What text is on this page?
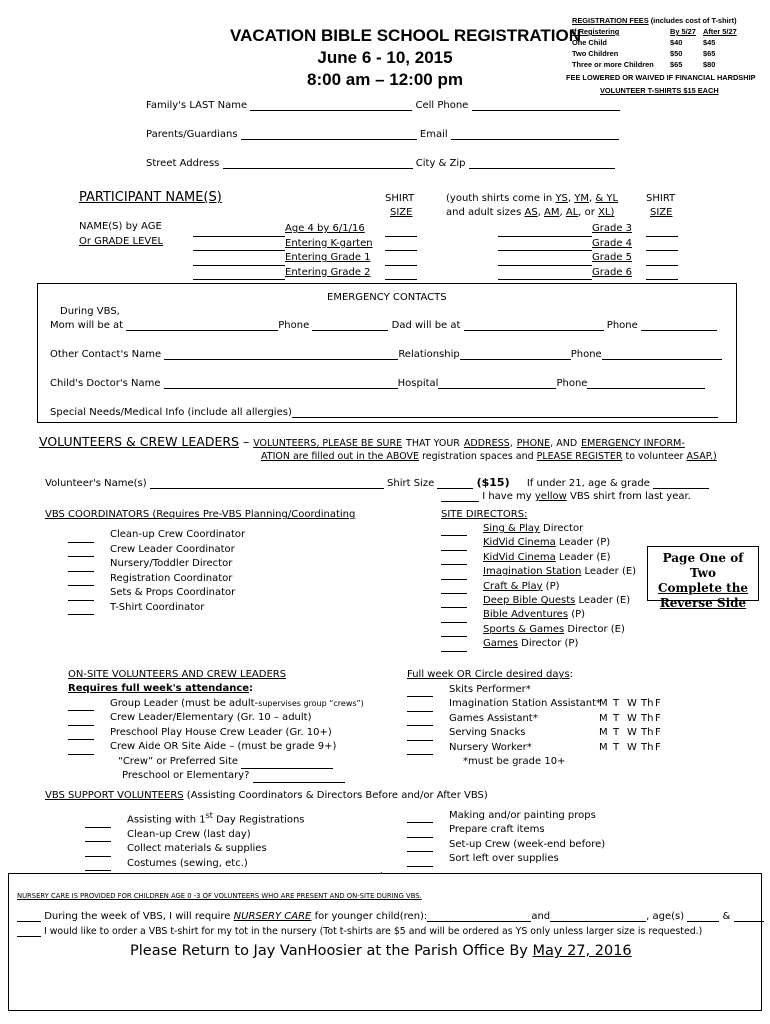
VACATION BIBLE SCHOOL REGISTRATION
June 6 - 10, 2015
8:00 am – 12:00 pm
REGISTRATION FEES (includes cost of T-shirt)
If Registering	By 5/27 After 5/27
One Child	$40	$45
Two Children	$50	$65
Three or more Children $65	$80
FEE LOWERED OR WAIVED IF FINANCIAL HARDSHIP
VOLUNTEER T-SHIRTS $15 EACH
Family's LAST Name	Cell Phone
Parents/Guardians	Email
Street Address	City & Zip
PARTICIPANT NAME(S)
NAME(S) by AGE
Or GRADE LEVEL
SHIRT
SIZE
(youth shirts come in YS, YM, & YL
and adult sizes AS, AM, AL, or XL)
SHIRT
SIZE
Age 4 by 6/1/16
Entering K-garten
Entering Grade 1
Entering Grade 2
Grade 3
Grade 4
Grade 5
Grade 6
EMERGENCY CONTACTS
During VBS,
Mom will be at	Phone	Dad will be at	Phone
Other Contact's Name	Relationship	Phone
Child's Doctor's Name	Hospital	Phone
Special Needs/Medical Info (include all allergies)
VOLUNTEERS & CREW LEADERS – VOLUNTEERS, PLEASE BE SURE THAT YOUR ADDRESS, PHONE, AND EMERGENCY INFORM-
ATION are filled out in the ABOVE registration spaces and PLEASE REGISTER to volunteer ASAP.)
Volunteer's Name(s)	Shirt Size	($15) If under 21, age & grade
I have my yellow VBS shirt from last year.
VBS COORDINATORS (Requires Pre-VBS Planning/Coordinating
Clean-up Crew Coordinator
Crew Leader Coordinator
Nursery/Toddler Director
Registration Coordinator
Sets & Props Coordinator
T-Shirt Coordinator
SITE DIRECTORS:
Sing & Play Director
KidVid Cinema Leader (P)
KidVid Cinema Leader (E)
Imagination Station Leader (E)
Craft & Play (P)
Deep Bible Quests Leader (E)
Bible Adventures (P)
Sports & Games Director (E)
Games Director (P)
Page One of Two
Complete the
Reverse Side
ON-SITE VOLUNTEERS AND CREW LEADERS
Requires full week's attendance:
Group Leader (must be adult-supervises group “crews”)
Crew Leader/Elementary (Gr. 10 – adult)
Preschool Play House Crew Leader (Gr. 10+)
Crew Aide OR Site Aide – (must be grade 9+)
“Crew” or Preferred Site
Preschool or Elementary?
Full week OR Circle desired days:
Skits Performer*
Imagination Station Assistant*M T W Th F
Games Assistant*	M T W Th F
Serving Snacks	M T W Th F
Nursery Worker*	M T W Th F
*must be grade 10+
VBS SUPPORT VOLUNTEERS (Assisting Coordinators & Directors Before and/or After VBS)
Assisting with 1st Day Registrations
Clean-up Crew (last day)
Collect materials & supplies
Costumes (sewing, etc.)
Making and/or painting props
Prepare craft items
Set-up Crew (week-end before)
Sort left over supplies
.
NURSERY CARE IS PROVIDED FOR CHILDREN AGE 0 -3 OF VOLUNTEERS WHO ARE PRESENT AND ON-SITE DURING VBS.
During the week of VBS, I will require NURSERY CARE for younger child(ren):	and	, age(s)	&
I would like to order a VBS t-shirt for my tot in the nursery (Tot t-shirts are $5 and will be ordered as YS only unless larger size is requested.)
Please Return to Jay VanHoosier at the Parish Office By May 27, 2016
